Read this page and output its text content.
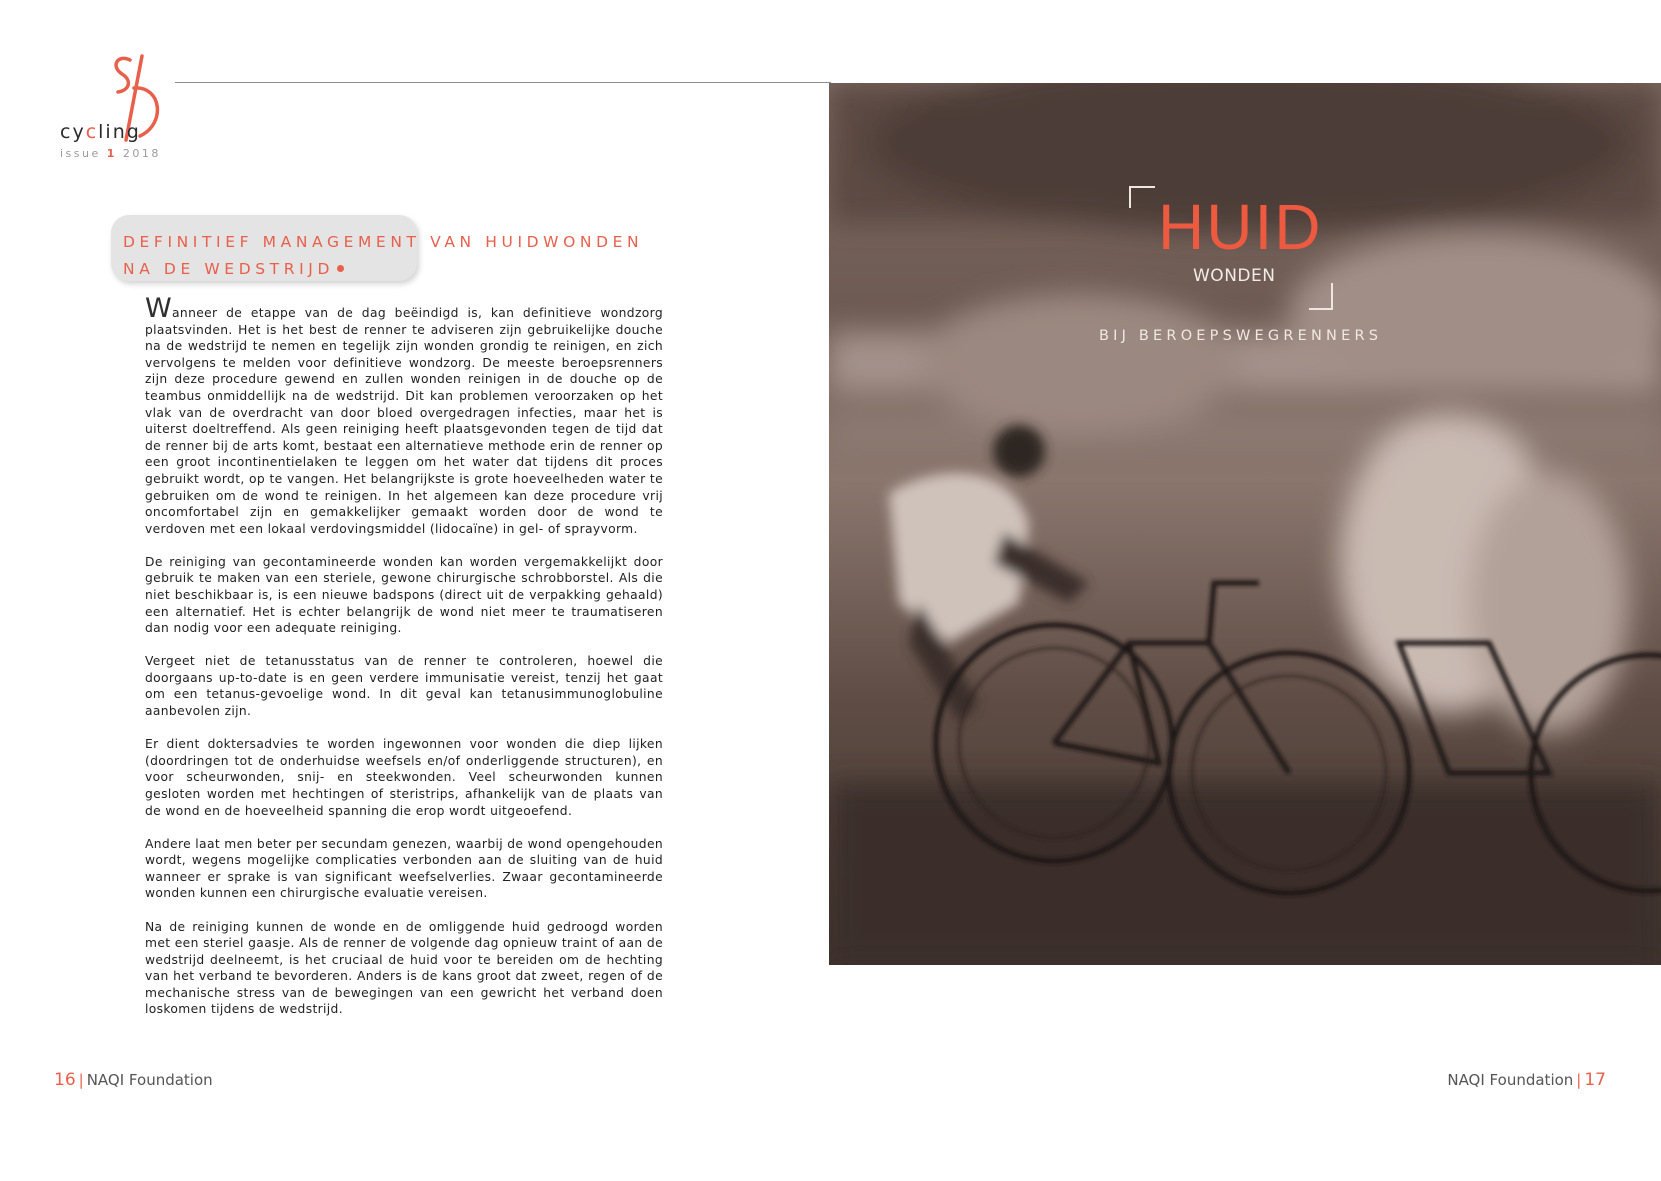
cycling
issue 1 2018
DEFINITIEF MANAGEMENT VAN HUIDWONDEN
NA DE WEDSTRIJD

Wanneer de etappe van de dag beëindigd is, kan definitieve wondzorg plaatsvinden. Het is het best de renner te adviseren zijn gebruikelijke douche na de wedstrijd te nemen en tegelijk zijn wonden grondig te reinigen, en zich vervolgens te melden voor definitieve wondzorg. De meeste beroepsrenners zijn deze procedure gewend en zullen wonden reinigen in de douche op de teambus onmiddellijk na de wedstrijd. Dit kan problemen veroorzaken op het vlak van de overdracht van door bloed overgedragen infecties, maar het is uiterst doeltreffend. Als geen reiniging heeft plaatsgevonden tegen de tijd dat de renner bij de arts komt, bestaat een alternatieve methode erin de renner op een groot incontinentielaken te leggen om het water dat tijdens dit proces gebruikt wordt, op te vangen. Het belangrijkste is grote hoeveelheden water te gebruiken om de wond te reinigen. In het algemeen kan deze procedure vrij oncomfortabel zijn en gemakkelijker gemaakt worden door de wond te verdoven met een lokaal verdovingsmiddel (lidocaïne) in gel- of sprayvorm.

De reiniging van gecontamineerde wonden kan worden vergemakkelijkt door gebruik te maken van een steriele, gewone chirurgische schrobborstel. Als die niet beschikbaar is, is een nieuwe badspons (direct uit de verpakking gehaald) een alternatief. Het is echter belangrijk de wond niet meer te traumatiseren dan nodig voor een adequate reiniging.

Vergeet niet de tetanusstatus van de renner te controleren, hoewel die doorgaans up-to-date is en geen verdere immunisatie vereist, tenzij het gaat om een tetanus-gevoelige wond. In dit geval kan tetanusimmunoglobuline aanbevolen zijn.

Er dient doktersadvies te worden ingewonnen voor wonden die diep lijken (doordringen tot de onderhuidse weefsels en/of onderliggende structuren), en voor scheurwonden, snij- en steekwonden. Veel scheurwonden kunnen gesloten worden met hechtingen of steristrips, afhankelijk van de plaats van de wond en de hoeveelheid spanning die erop wordt uitgeoefend.

Andere laat men beter per secundam genezen, waarbij de wond opengehouden wordt, wegens mogelijke complicaties verbonden aan de sluiting van de huid wanneer er sprake is van significant weefselverlies. Zwaar gecontamineerde wonden kunnen een chirurgische evaluatie vereisen.

Na de reiniging kunnen de wonde en de omliggende huid gedroogd worden met een steriel gaasje. Als de renner de volgende dag opnieuw traint of aan de wedstrijd deelneemt, is het cruciaal de huid voor te bereiden om de hechting van het verband te bevorderen. Anders is de kans groot dat zweet, regen of de mechanische stress van de bewegingen van een gewricht het verband doen loskomen tijdens de wedstrijd.

HUID
WONDEN
BIJ BEROEPSWEGRENNERS
16 | NAQI Foundation	NAQI Foundation | 17
